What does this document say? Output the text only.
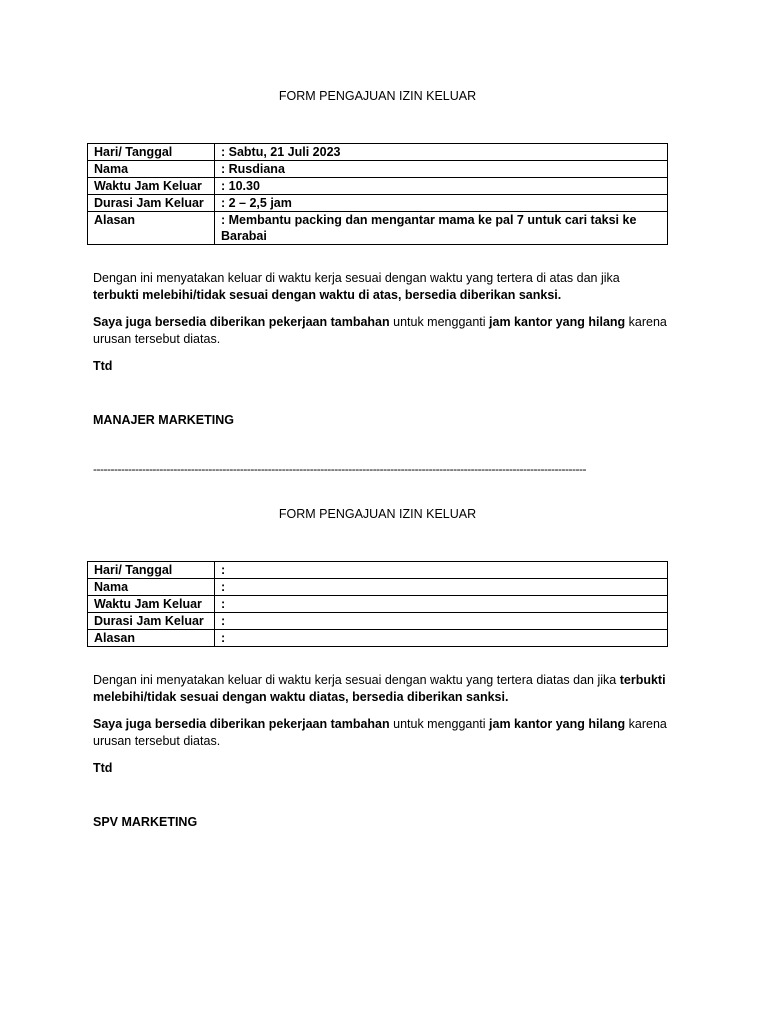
FORM PENGAJUAN IZIN KELUAR

Hari/ Tanggal	: Sabtu, 21 Juli 2023
Nama	: Rusdiana
Waktu Jam Keluar	: 10.30
Durasi Jam Keluar	: 2 – 2,5 jam
Alasan	: Membantu packing dan mengantar mama ke pal 7 untuk cari taksi ke Barabai

Dengan ini menyatakan keluar di waktu kerja sesuai dengan waktu yang tertera di atas dan jika terbukti melebihi/tidak sesuai dengan waktu di atas, bersedia diberikan sanksi.

Saya juga bersedia diberikan pekerjaan tambahan untuk mengganti jam kantor yang hilang karena urusan tersebut diatas.

Ttd

MANAJER MARKETING

---------------------------------------------------------------------------------------------------------------------------------------------

FORM PENGAJUAN IZIN KELUAR

Hari/ Tanggal	:
Nama	:
Waktu Jam Keluar	:
Durasi Jam Keluar	:
Alasan	:

Dengan ini menyatakan keluar di waktu kerja sesuai dengan waktu yang tertera diatas dan jika terbukti melebihi/tidak sesuai dengan waktu diatas, bersedia diberikan sanksi.

Saya juga bersedia diberikan pekerjaan tambahan untuk mengganti jam kantor yang hilang karena urusan tersebut diatas.

Ttd

SPV MARKETING
